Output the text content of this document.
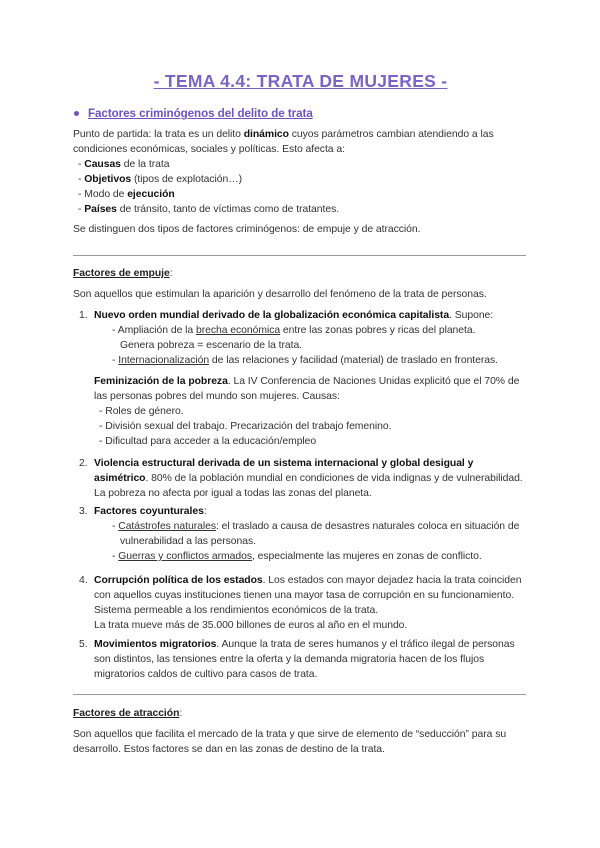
- TEMA 4.4: TRATA DE MUJERES -
Factores criminógenos del delito de trata

Punto de partida: la trata es un delito dinámico cuyos parámetros cambian atendiendo a las condiciones económicas, sociales y políticas. Esto afecta a:

- Causas de la trata

- Objetivos (tipos de explotación…)

- Modo de ejecución

- Países de tránsito, tanto de víctimas como de tratantes.

Se distinguen dos tipos de factores criminógenos: de empuje y de atracción.

Factores de empuje:

Son aquellos que estimulan la aparición y desarrollo del fenómeno de la trata de personas.

1. Nuevo orden mundial derivado de la globalización económica capitalista. Supone:

- Ampliación de la brecha económica entre las zonas pobres y ricas del planeta.
Genera pobreza = escenario de la trata.

- Internacionalización de las relaciones y facilidad (material) de traslado en fronteras.

Feminización de la pobreza. La IV Conferencia de Naciones Unidas explicitó que el 70% de las personas pobres del mundo son mujeres. Causas:

- Roles de género.

- División sexual del trabajo. Precarización del trabajo femenino.

- Dificultad para acceder a la educación/empleo

2. Violencia estructural derivada de un sistema internacional y global desigual y asimétrico. 80% de la población mundial en condiciones de vida indignas y de vulnerabilidad. La pobreza no afecta por igual a todas las zonas del planeta.

3. Factores coyunturales:

- Catástrofes naturales: el traslado a causa de desastres naturales coloca en situación de vulnerabilidad a las personas.

- Guerras y conflictos armados, especialmente las mujeres en zonas de conflicto.

4. Corrupción política de los estados. Los estados con mayor dejadez hacia la trata coinciden con aquellos cuyas instituciones tienen una mayor tasa de corrupción en su funcionamiento. Sistema permeable a los rendimientos económicos de la trata.

La trata mueve más de 35.000 billones de euros al año en el mundo.

5. Movimientos migratorios. Aunque la trata de seres humanos y el tráfico ilegal de personas son distintos, las tensiones entre la oferta y la demanda migratoria hacen de los flujos migratorios caldos de cultivo para casos de trata.

Factores de atracción:

Son aquellos que facilita el mercado de la trata y que sirve de elemento de “seducción” para su desarrollo. Estos factores se dan en las zonas de destino de la trata.
